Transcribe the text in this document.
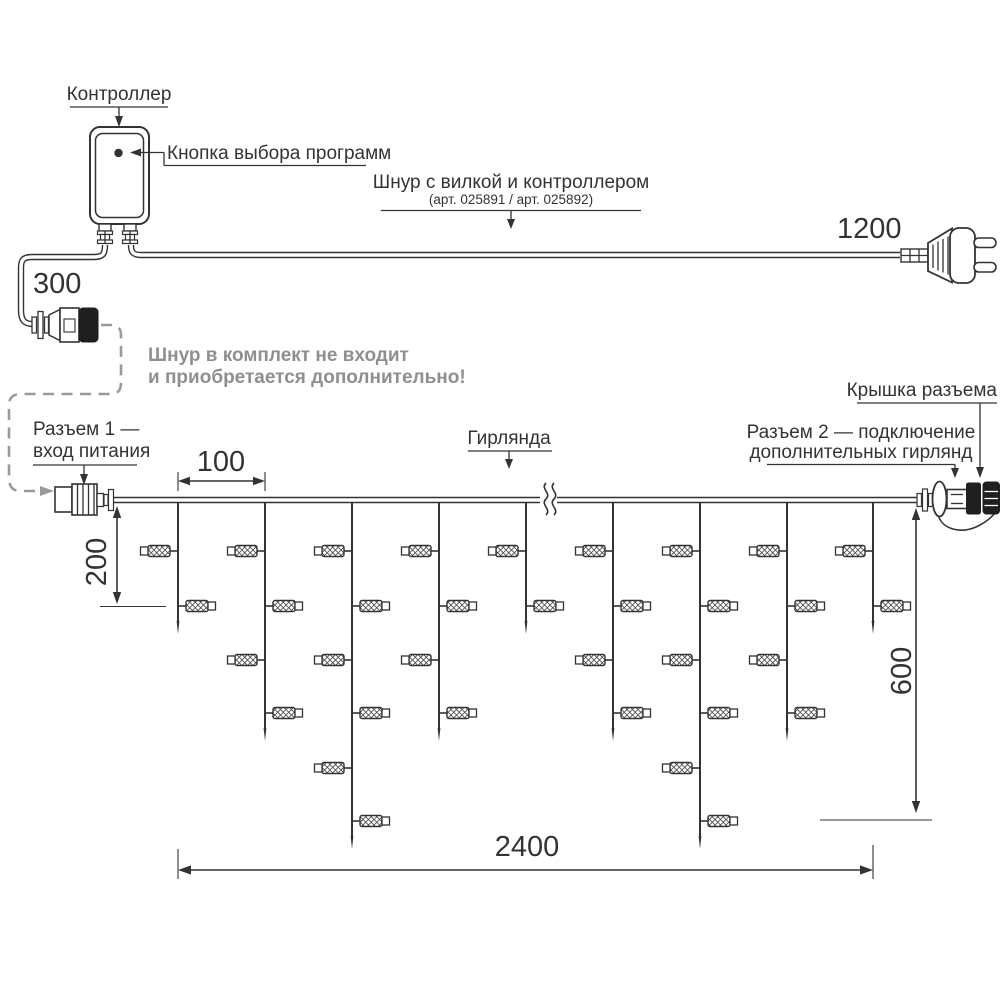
Контроллер
Кнопка выбора программ
Шнур с вилкой и контроллером
(арт. 025891 / арт. 025892)
300
1200
Шнур в комплект не входит
и приобретается дополнительно!
Разъем 1 —
вход питания
Гирлянда
100
200
600
2400
Крышка разъема
Разъем 2 — подключение
дополнительных гирлянд
